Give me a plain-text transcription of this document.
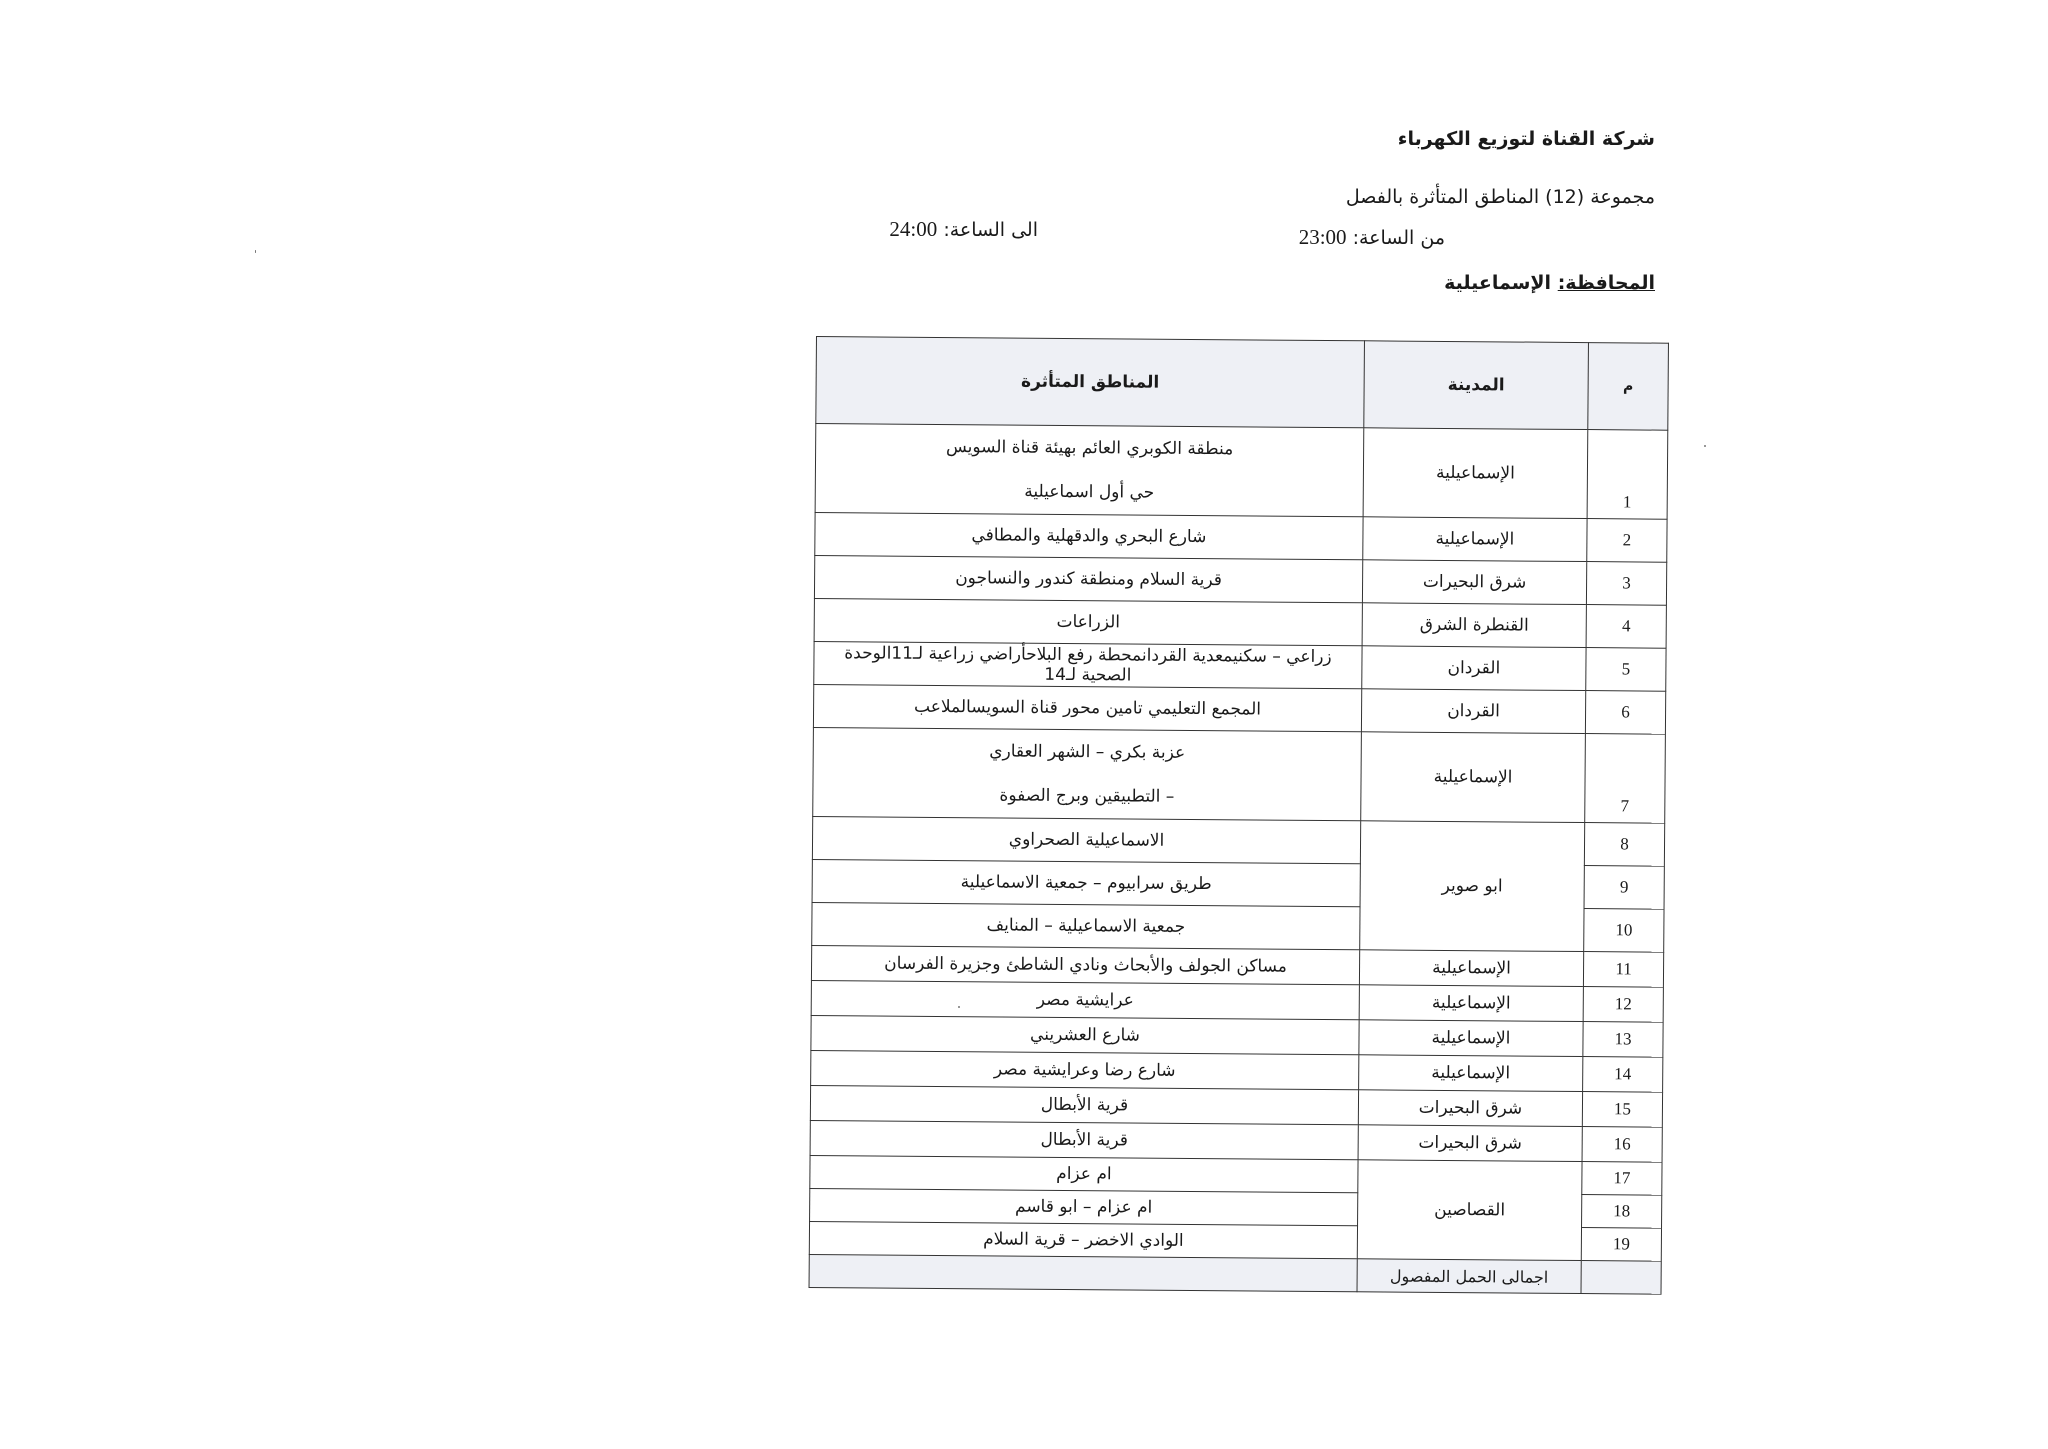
شركة القناة لتوزيع الكهرباء
مجموعة (12) المناطق المتأثرة بالفصل
من الساعة: 23:00
الى الساعة: 24:00
المحافظة: الإسماعيلية
م	المدينة	المناطق المتأثرة
1	الإسماعيلية	منطقة الكوبري العائم بهيئة قناة السويس
حي أول اسماعيلية

2	الإسماعيلية	شارع البحري والدقهلية والمطافي
3	شرق البحيرات	قرية السلام ومنطقة كندور والنساجون
4	القنطرة الشرق	الزراعات
5	القردان	زراعي – سكنيمعدية القردانمحطة رفع البلاحأراضي زراعية لـ11الوحدة الصحية لـ14
6	القردان	المجمع التعليمي تامين محور قناة السويسالملاعب
7	الإسماعيلية	عزبة بكري – الشهر العقاري
– التطبيقين وبرج الصفوة

8	ابو صوير	الاسماعيلية الصحراوي
9		طريق سرابيوم – جمعية الاسماعيلية
10		جمعية الاسماعيلية – المنايف
11	الإسماعيلية	مساكن الجولف والأبحاث ونادي الشاطئ وجزيرة الفرسان
12	الإسماعيلية	عرايشية مصر
13	الإسماعيلية	شارع العشريني
14	الإسماعيلية	شارع رضا وعرايشية مصر
15	شرق البحيرات	قرية الأبطال
16	شرق البحيرات	قرية الأبطال
17	القصاصين	ام عزام
18		ام عزام – ابو قاسم
19		الوادي الاخضر – قرية السلام
	اجمالى الحمل المفصول	
